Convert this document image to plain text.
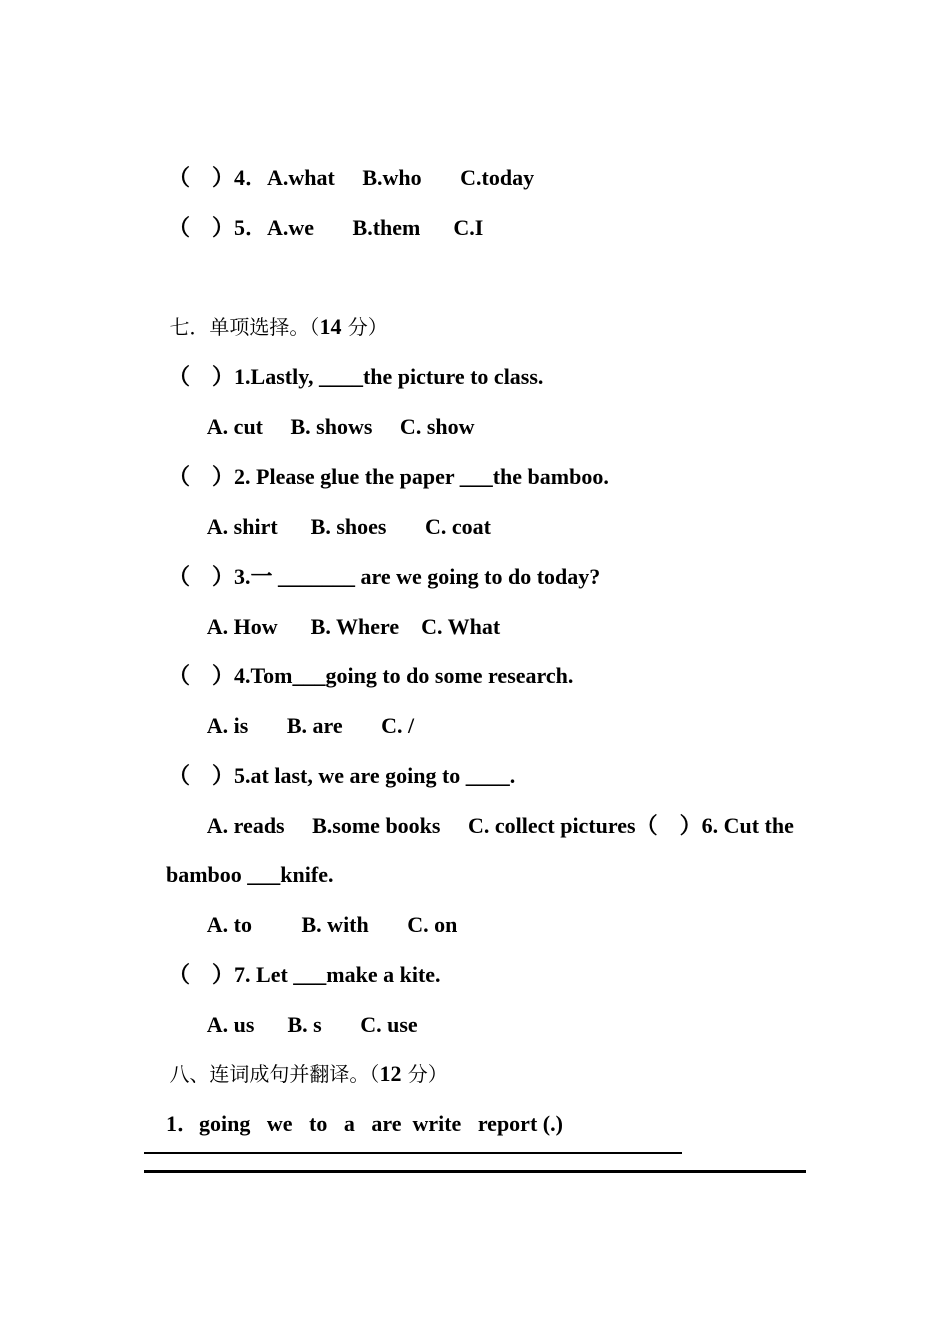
（    ）4．A.what     B.who       C.today

（    ）5．A.we       B.them      C.I

七．单项选择。（14 分）

（    ）1.Lastly, ____the picture to class.

A. cut     B. shows     C. show

（    ）2. Please glue the paper ___the bamboo.

A. shirt      B. shoes       C. coat

（    ）3.一 _______ are we going to do today?

A. How      B. Where    C. What

（    ）4.Tom___going to do some research.

A. is       B. are       C. /

（    ）5.at last, we are going to ____.

A. reads     B.some books     C. collect pictures（    ）6. Cut the

bamboo ___knife.

A. to         B. with       C. on

（    ）7. Let ___make a kite.

A. us      B. s       C. use

八、连词成句并翻译。（12 分）

1．going   we   to   a   are  write   report (.)
